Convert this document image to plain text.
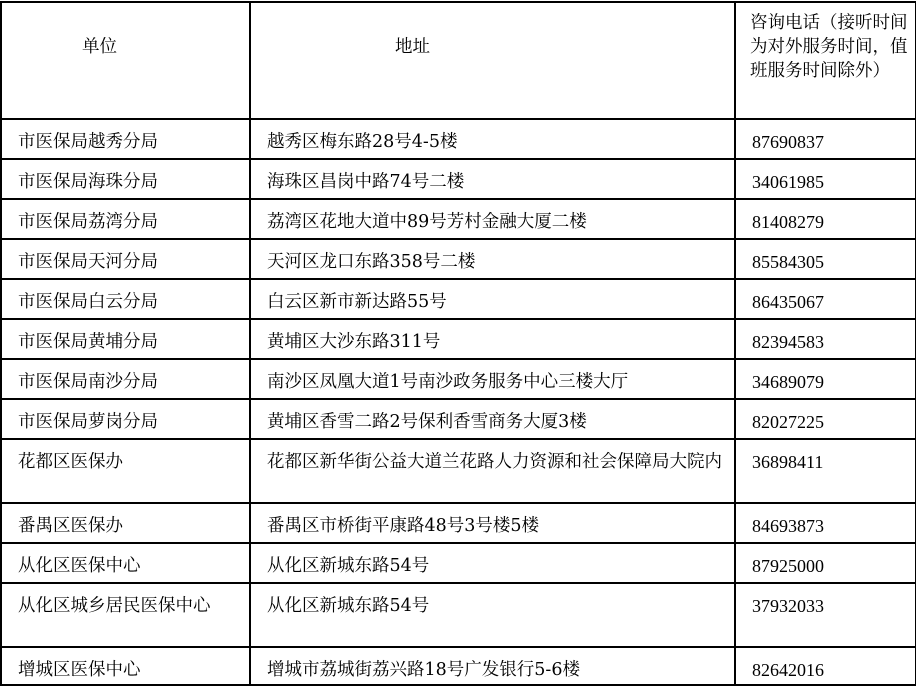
单位	地址	咨询电话（接听时间为对外服务时间，值班服务时间除外）
市医保局越秀分局	越秀区梅东路28号4-5楼	87690837
市医保局海珠分局	海珠区昌岗中路74号二楼	34061985
市医保局荔湾分局	荔湾区花地大道中89号芳村金融大厦二楼	81408279
市医保局天河分局	天河区龙口东路358号二楼	85584305
市医保局白云分局	白云区新市新达路55号	86435067
市医保局黄埔分局	黄埔区大沙东路311号	82394583
市医保局南沙分局	南沙区凤凰大道1号南沙政务服务中心三楼大厅	34689079
市医保局萝岗分局	黄埔区香雪二路2号保利香雪商务大厦3楼	82027225
花都区医保办	花都区新华街公益大道兰花路人力资源和社会保障局大院内	36898411
番禺区医保办	番禺区市桥街平康路48号3号楼5楼	84693873
从化区医保中心	从化区新城东路54号	87925000
从化区城乡居民医保中心	从化区新城东路54号	37932033
增城区医保中心	增城市荔城街荔兴路18号广发银行5-6楼	82642016
